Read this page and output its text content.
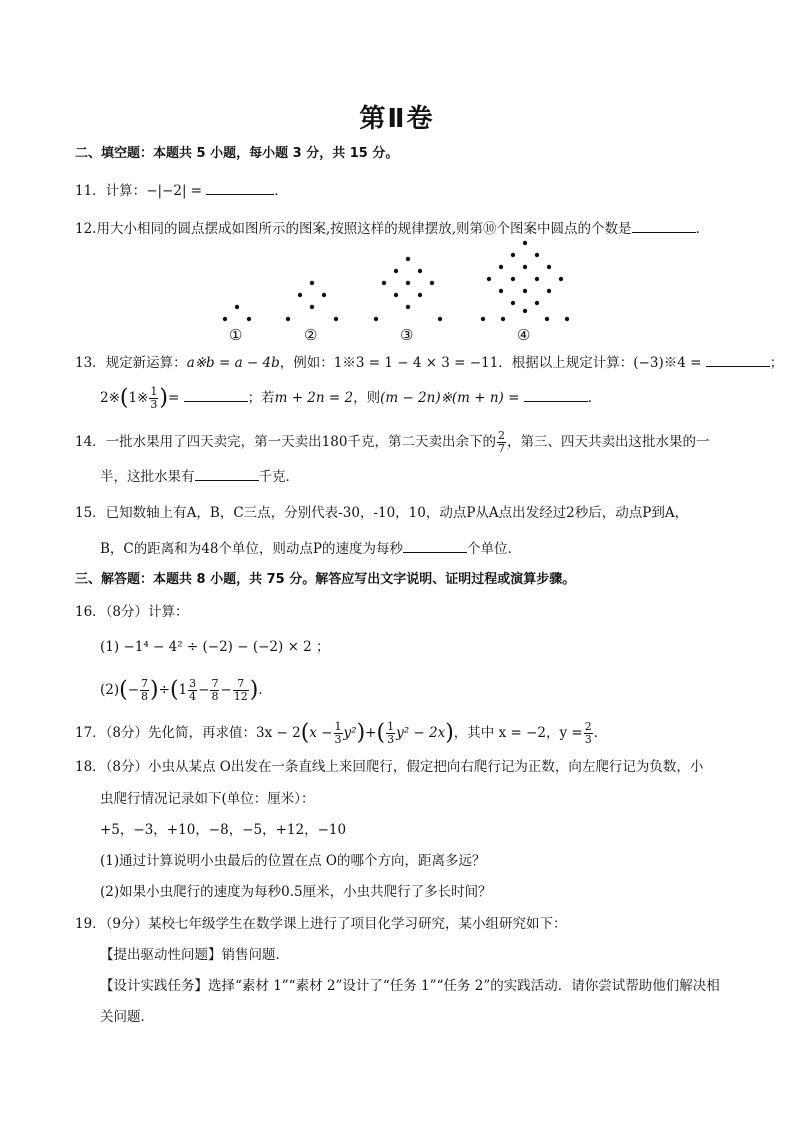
第Ⅱ卷
二、填空题：本题共 5 小题，每小题 3 分，共 15 分。
11．计算：−|−2| =	．
12.用大小相同的圆点摆成如图所示的图案,按照这样的规律摆放,则第⑩个图案中圆点的个数是	．
①	②	③	④
13．规定新运算：a※b = a − 4b，例如：1※3 = 1 − 4 × 3 = −11．根据以上规定计算：(−3)※4 =	；
2※(1※ $\frac{1}{3}$ )=	；若m + 2n = 2，则(m − 2n)※(m + n) =	．
14．一批水果用了四天卖完，第一天卖出180千克，第二天卖出余下的 $\frac{2}{7}$ ，第三、四天共卖出这批水果的一
半，这批水果有	千克．
15．已知数轴上有A，B，C三点，分别代表-30，-10，10，动点P从A点出发经过2秒后，动点P到A，
B，C的距离和为48个单位，则动点P的速度为每秒	个单位．
三、解答题：本题共 8 小题，共 75 分。解答应写出文字说明、证明过程或演算步骤。
16．（8分）计算：
(1) −1⁴ − 4² ÷ (−2) − (−2) × 2 ；
$(2)(- \frac{7}{8} )\div(1 \frac{3}{4} - \frac{7}{8} - \frac{7}{12}$ )．
17．（8分）先化简，再求值：$3x - 2(x - \frac{1}{3} y^2)+( \frac{1}{3} y^2 - 2x)$，其中 x = −2，$y = \frac{2}{3}$ ．
18．（8分）小虫从某点 O出发在一条直线上来回爬行，假定把向右爬行记为正数，向左爬行记为负数，小
虫爬行情况记录如下(单位：厘米）：
+5，−3，+10，−8，−5，+12，−10
(1)通过计算说明小虫最后的位置在点 O的哪个方向，距离多远？
(2)如果小虫爬行的速度为每秒0.5厘米，小虫共爬行了多长时间？
19．（9分）某校七年级学生在数学课上进行了项目化学习研究，某小组研究如下：
【提出驱动性问题】销售问题．
【设计实践任务】选择“素材 1”“素材 2”设计了“任务 1”“任务 2”的实践活动．请你尝试帮助他们解决相
关问题．
